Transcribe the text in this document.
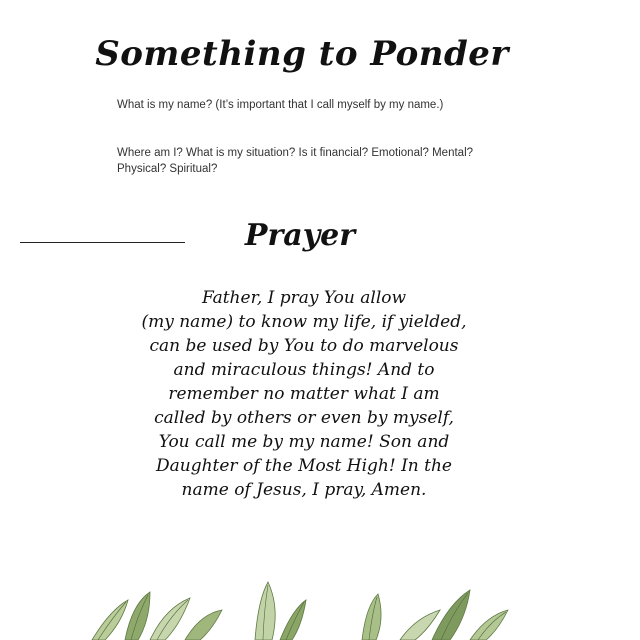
Something to Ponder

What is my name? (It’s important that I call myself by my name.)

Where am I? What is my situation? Is it financial? Emotional? Mental? Physical? Spiritual?

Prayer
Father, I pray You allow
(my name) to know my life, if yielded,
can be used by You to do marvelous
and miraculous things! And to
remember no matter what I am
called by others or even by myself,
You call me by my name! Son and
Daughter of the Most High! In the
name of Jesus, I pray, Amen.
